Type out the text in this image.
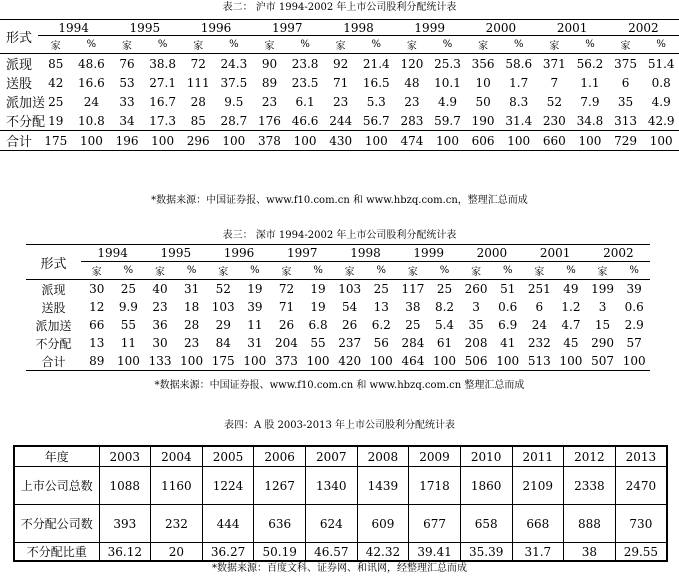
表二： 沪市 1994-2002 年上市公司股利分配统计表
形式	1994		1995		1996		1997		1998		1999		2000		2001		2002	
	家	%	家	%	家	%	家	%	家	%	家	%	家	%	家	%	家	%
派现	85	48.6	76	38.8	72	24.3	90	23.8	92	21.4	120	25.3	356	58.6	371	56.2	375	51.4
送股	42	16.6	53	27.1	111	37.5	89	23.5	71	16.5	48	10.1	10	1.7	7	1.1	6	0.8
派加送	25	24	33	16.7	28	9.5	23	6.1	23	5.3	23	4.9	50	8.3	52	7.9	35	4.9
不分配	19	10.8	34	17.3	85	28.7	176	46.6	244	56.7	283	59.7	190	31.4	230	34.8	313	42.9
合计	175	100	196	100	296	100	378	100	430	100	474	100	606	100	660	100	729	100
*数据来源：中国证券报、www.f10.com.cn 和 www.hbzq.com.cn，整理汇总而成
表三： 深市 1994-2002 年上市公司股利分配统计表
形式	1994		1995		1996		1997		1998		1999		2000		2001		2002	
	家	%	家	%	家	%	家	%	家	%	家	%	家	%	家	%	家	%
派现	30	25	40	31	52	19	72	19	103	25	117	25	260	51	251	49	199	39
送股	12	9.9	23	18	103	39	71	19	54	13	38	8.2	3	0.6	6	1.2	3	0.6
派加送	66	55	36	28	29	11	26	6.8	26	6.2	25	5.4	35	6.9	24	4.7	15	2.9
不分配	13	11	30	23	84	31	204	55	237	56	284	61	208	41	232	45	290	57
合计	89	100	133	100	175	100	373	100	420	100	464	100	506	100	513	100	507	100
*数据来源：中国证券报、www.f10.com.cn 和 www.hbzq.com.cn 整理汇总而成
表四：A 股 2003-2013 年上市公司股利分配统计表
年度	2003	2004	2005	2006	2007	2008	2009	2010	2011	2012	2013
上市公司总数	1088	1160	1224	1267	1340	1439	1718	1860	2109	2338	2470
不分配公司数	393	232	444	636	624	609	677	658	668	888	730
不分配比重	36.12	20	36.27	50.19	46.57	42.32	39.41	35.39	31.7	38	29.55
*数据来源：百度文科、证券网、和讯网，经整理汇总而成
